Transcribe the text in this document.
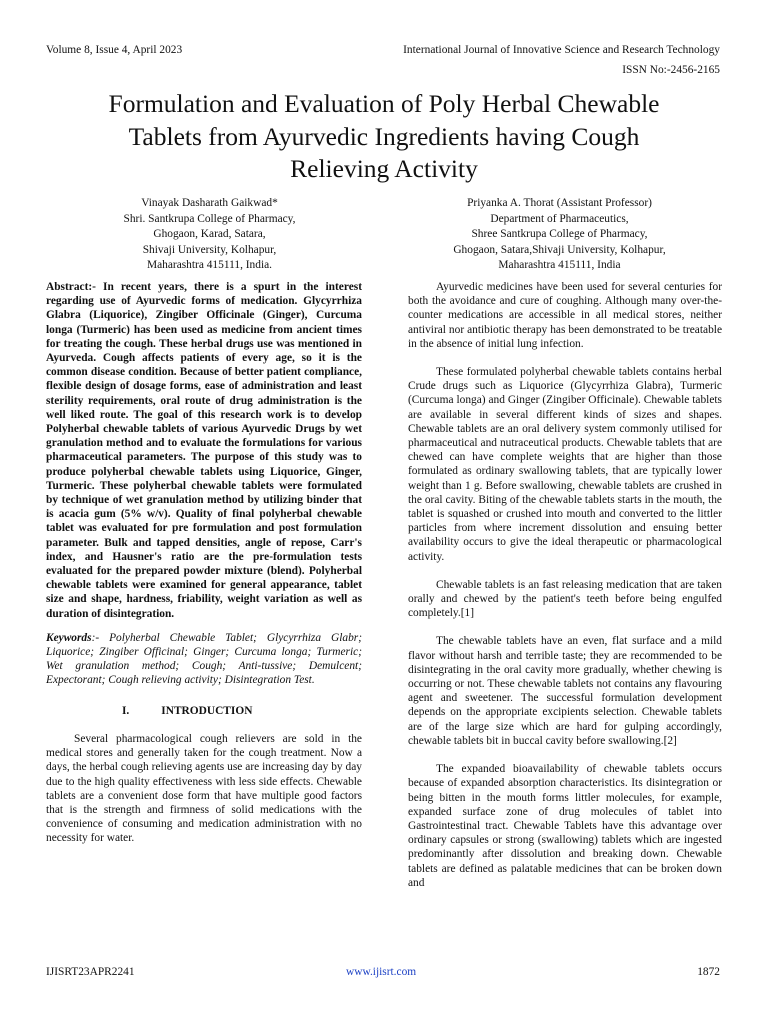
Volume 8, Issue 4, April 2023	International Journal of Innovative Science and Research Technology
ISSN No:-2456-2165
Formulation and Evaluation of Poly Herbal Chewable
Tablets from Ayurvedic Ingredients having Cough
Relieving Activity
Vinayak Dasharath Gaikwad*
Shri. Santkrupa College of Pharmacy,
Ghogaon, Karad, Satara,
Shivaji University, Kolhapur,
Maharashtra 415111, India.
Priyanka A. Thorat (Assistant Professor)
Department of Pharmaceutics,
Shree Santkrupa College of Pharmacy,
Ghogaon, Satara,Shivaji University, Kolhapur,
Maharashtra 415111, India

Abstract:- In recent years, there is a spurt in the interest regarding use of Ayurvedic forms of medication. Glycyrrhiza Glabra (Liquorice), Zingiber Officinale (Ginger), Curcuma longa (Turmeric) has been used as medicine from ancient times for treating the cough. These herbal drugs use was mentioned in Ayurveda. Cough affects patients of every age, so it is the common disease condition. Because of better patient compliance, flexible design of dosage forms, ease of administration and least sterility requirements, oral route of drug administration is the well liked route. The goal of this research work is to develop Polyherbal chewable tablets of various Ayurvedic Drugs by wet granulation method and to evaluate the formulations for various pharmaceutical parameters. The purpose of this study was to produce polyherbal chewable tablets using Liquorice, Ginger, Turmeric. These polyherbal chewable tablets were formulated by technique of wet granulation method by utilizing binder that is acacia gum (5% w/v). Quality of final polyherbal chewable tablet was evaluated for pre formulation and post formulation parameter. Bulk and tapped densities, angle of repose, Carr's index, and Hausner's ratio are the pre-formulation tests evaluated for the prepared powder mixture (blend). Polyherbal chewable tablets were examined for general appearance, tablet size and shape, hardness, friability, weight variation as well as duration of disintegration.

Keywords:- Polyherbal Chewable Tablet; Glycyrrhiza Glabr; Liquorice; Zingiber Officinal; Ginger; Curcuma longa; Turmeric; Wet granulation method; Cough; Anti-tussive; Demulcent; Expectorant; Cough relieving activity; Disintegration Test.

I.	INTRODUCTION

Several pharmacological cough relievers are sold in the medical stores and generally taken for the cough treatment. Now a days, the herbal cough relieving agents use are increasing day by day due to the high quality effectiveness with less side effects. Chewable tablets are a convenient dose form that have multiple good factors that is the strength and firmness of solid medications with the convenience of consuming and medication administration with no necessity for water.

Ayurvedic medicines have been used for several centuries for both the avoidance and cure of coughing. Although many over-the-counter medications are accessible in all medical stores, neither antiviral nor antibiotic therapy has been demonstrated to be treatable in the absence of initial lung infection.

These formulated polyherbal chewable tablets contains herbal Crude drugs such as Liquorice (Glycyrrhiza Glabra), Turmeric (Curcuma longa) and Ginger (Zingiber Officinale). Chewable tablets are available in several different kinds of sizes and shapes. Chewable tablets are an oral delivery system commonly utilised for pharmaceutical and nutraceutical products. Chewable tablets that are chewed can have complete weights that are higher than those formulated as ordinary swallowing tablets, that are typically lower weight than 1 g. Before swallowing, chewable tablets are crushed in the oral cavity. Biting of the chewable tablets starts in the mouth, the tablet is squashed or crushed into mouth and converted to the littler particles from where increment dissolution and ensuing better availability occurs to give the ideal therapeutic or pharmacological activity.

Chewable tablets is an fast releasing medication that are taken orally and chewed by the patient's teeth before being engulfed completely.[1]

The chewable tablets have an even, flat surface and a mild flavor without harsh and terrible taste; they are recommended to be disintegrating in the oral cavity more gradually, whether chewing is occurring or not. These chewable tablets not contains any flavouring agent and sweetener. The successful formulation development depends on the appropriate excipients selection. Chewable tablets are of the large size which are hard for gulping accordingly, chewable tablets bit in buccal cavity before swallowing.[2]

The expanded bioavailability of chewable tablets occurs because of expanded absorption characteristics. Its disintegration or being bitten in the mouth forms littler molecules, for example, expanded surface zone of drug molecules of tablet into Gastrointestinal tract. Chewable Tablets have this advantage over ordinary capsules or strong (swallowing) tablets which are ingested predominantly after dissolution and breaking down. Chewable tablets are defined as palatable medicines that can be broken down and

IJISRT23APR2241	www.ijisrt.com	1872
